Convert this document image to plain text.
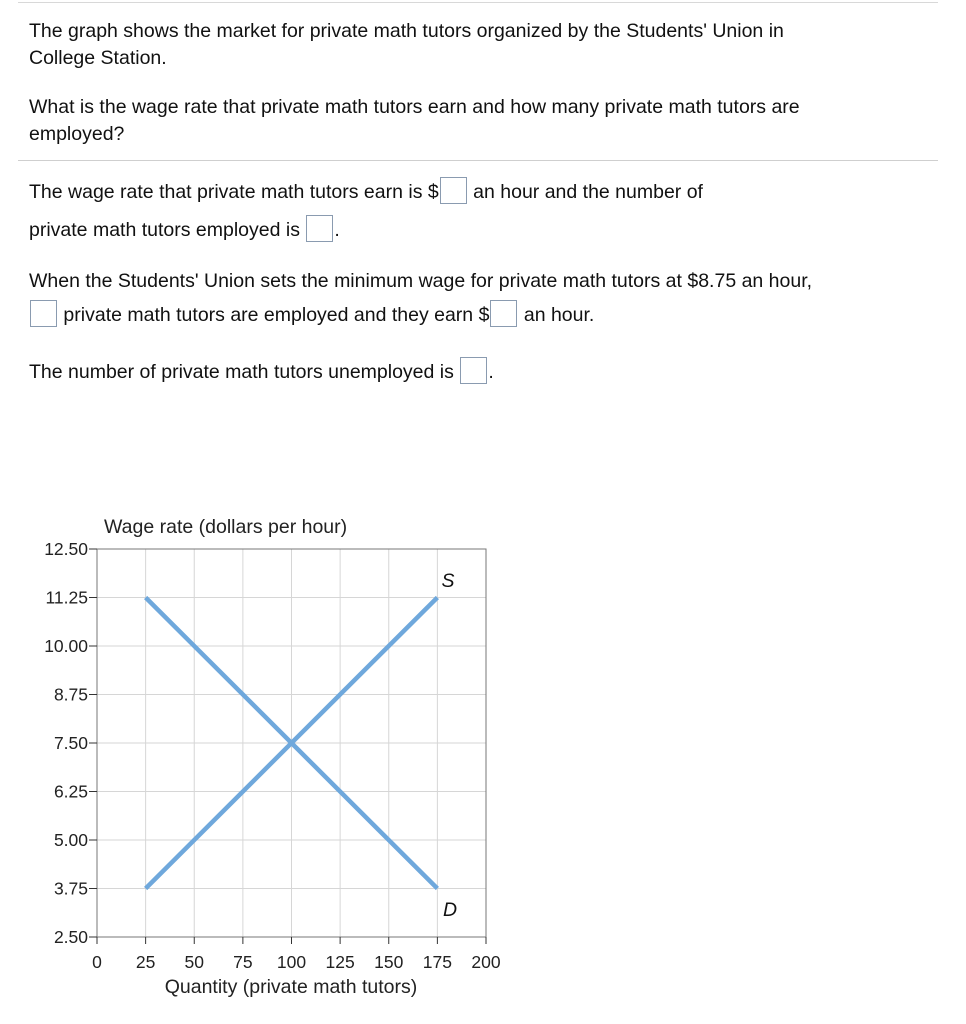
The graph shows the market for private math tutors organized by the Students' Union in
College Station.

What is the wage rate that private math tutors earn and how many private math tutors are
employed?

The wage rate that private math tutors earn is $ an hour and the number of
private math tutors employed is .

When the Students' Union sets the minimum wage for private math tutors at $8.75 an hour,
private math tutors are employed and they earn $ an hour.

The number of private math tutors unemployed is .

0 25 50 75 100 125 150 175 200
2.50
3.75
5.00
6.25
7.50
8.75
10.00
11.25
12.50
Wage rate (dollars per hour)
Quantity (private math tutors)
S
D
